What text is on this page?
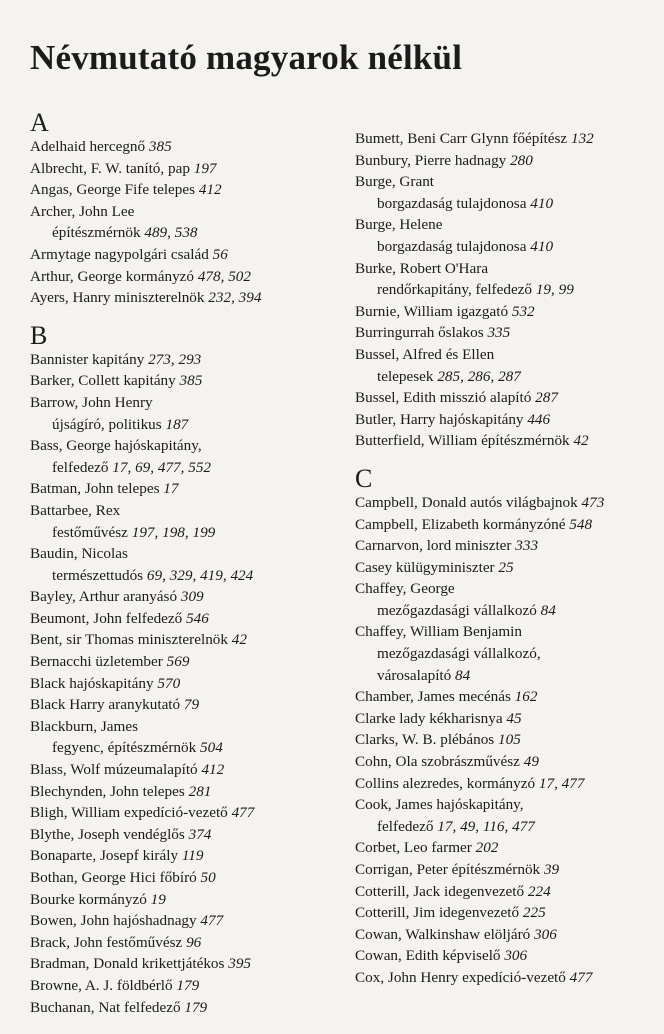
Névmutató magyarok nélkül
A
Adelhaid hercegnő 385
Albrecht, F. W. tanító, pap 197
Angas, George Fife telepes 412
Archer, John Lee
építészmérnök 489, 538
Armytage nagypolgári család 56
Arthur, George kormányzó 478, 502
Ayers, Hanry miniszterelnök 232, 394
B
Bannister kapitány 273, 293
Barker, Collett kapitány 385
Barrow, John Henry
újságíró, politikus 187
Bass, George hajóskapitány,
felfedező 17, 69, 477, 552
Batman, John telepes 17
Battarbee, Rex
festőművész 197, 198, 199
Baudin, Nicolas
természettudós 69, 329, 419, 424
Bayley, Arthur aranyásó 309
Beumont, John felfedező 546
Bent, sir Thomas miniszterelnök 42
Bernacchi üzletember 569
Black hajóskapitány 570
Black Harry aranykutató 79
Blackburn, James
fegyenc, építészmérnök 504
Blass, Wolf múzeumalapító 412
Blechynden, John telepes 281
Bligh, William expedíció-vezető 477
Blythe, Joseph vendéglős 374
Bonaparte, Josepf király 119
Bothan, George Hici főbíró 50
Bourke kormányzó 19
Bowen, John hajóshadnagy 477
Brack, John festőművész 96
Bradman, Donald krikettjátékos 395
Browne, A. J. földbérlő 179
Buchanan, Nat felfedező 179
Bumett, Beni Carr Glynn főépítész 132
Bunbury, Pierre hadnagy 280
Burge, Grant
borgazdaság tulajdonosa 410
Burge, Helene
borgazdaság tulajdonosa 410
Burke, Robert O'Hara
rendőrkapitány, felfedező 19, 99
Burnie, William igazgató 532
Burringurrah őslakos 335
Bussel, Alfred és Ellen
telepesek 285, 286, 287
Bussel, Edith misszió alapító 287
Butler, Harry hajóskapitány 446
Butterfield, William építészmérnök 42
C
Campbell, Donald autós világbajnok 473
Campbell, Elizabeth kormányzóné 548
Carnarvon, lord miniszter 333
Casey külügyminiszter 25
Chaffey, George
mezőgazdasági vállalkozó 84
Chaffey, William Benjamin
mezőgazdasági vállalkozó,
városalapító 84
Chamber, James mecénás 162
Clarke lady kékharisnya 45
Clarks, W. B. plébános 105
Cohn, Ola szobrászművész 49
Collins alezredes, kormányzó 17, 477
Cook, James hajóskapitány,
felfedező 17, 49, 116, 477
Corbet, Leo farmer 202
Corrigan, Peter építészmérnök 39
Cotterill, Jack idegenvezető 224
Cotterill, Jim idegenvezető 225
Cowan, Walkinshaw elöljáró 306
Cowan, Edith képviselő 306
Cox, John Henry expedíció-vezető 477
